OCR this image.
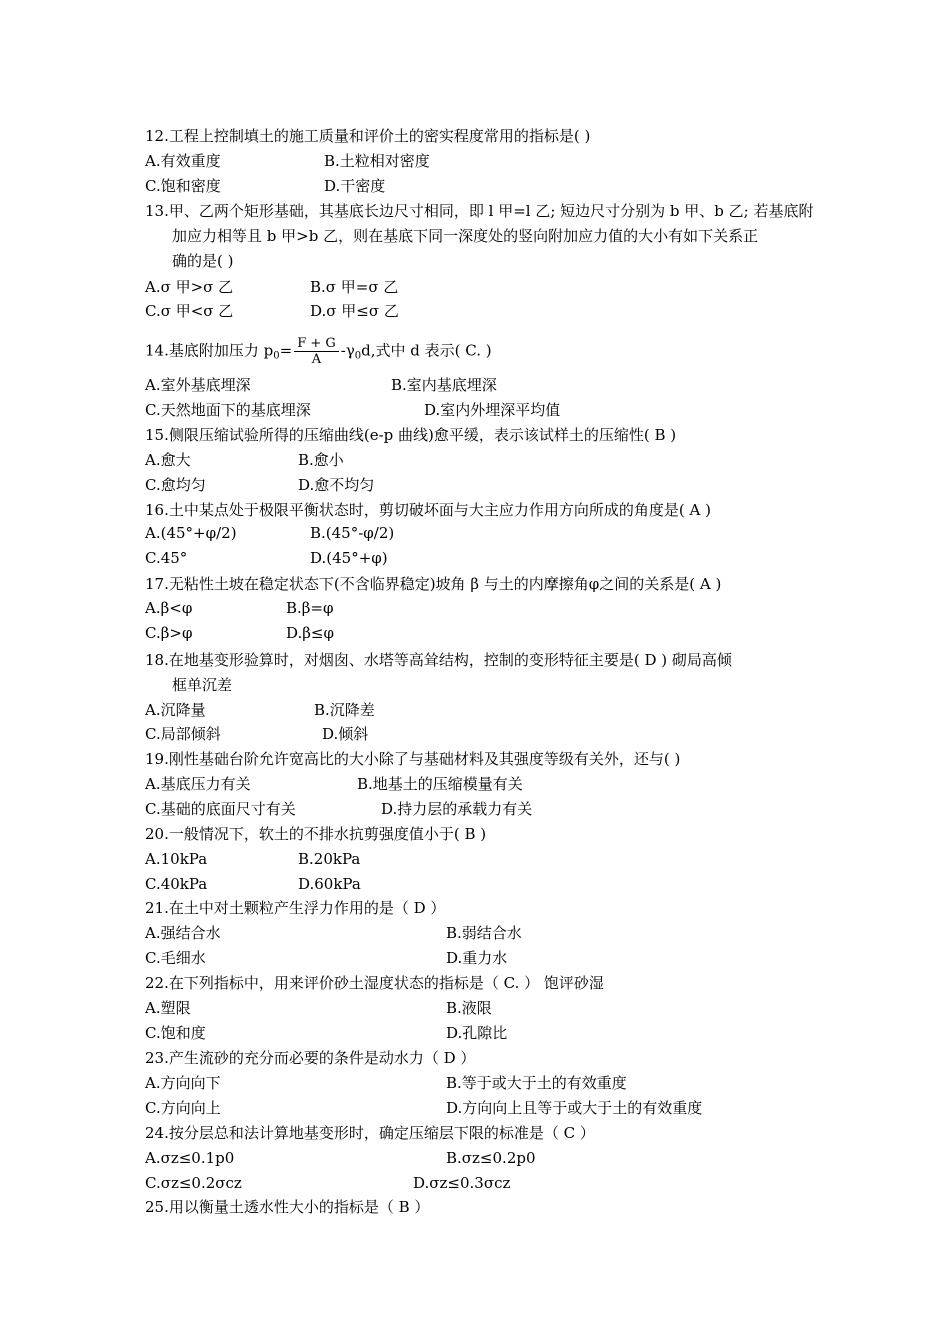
12.工程上控制填土的施工质量和评价土的密实程度常用的指标是( )
A.有效重度	B.土粒相对密度
C.饱和密度	D.干密度
13.甲、乙两个矩形基础，其基底长边尺寸相同，即 l 甲=l 乙; 短边尺寸分别为 b 甲、b 乙; 若基底附
加应力相等且 b 甲>b 乙，则在基底下同一深度处的竖向附加应力值的大小有如下关系正
确的是( )
A.σ 甲>σ 乙	B.σ 甲=σ 乙
C.σ 甲<σ 乙	D.σ 甲≤σ 乙
14.基底附加压力 $p_0= \frac{F + G}{A} -\gamma_0d$,式中 d 表示( C. )
A.室外基底埋深	B.室内基底埋深
C.天然地面下的基底埋深	D.室内外埋深平均值
15.侧限压缩试验所得的压缩曲线(e-p 曲线)愈平缓，表示该试样土的压缩性( B )
A.愈大	B.愈小
C.愈均匀	D.愈不均匀
16.土中某点处于极限平衡状态时，剪切破坏面与大主应力作用方向所成的角度是( A )
A.(45°+φ/2)	B.(45°-φ/2)
C.45°	D.(45°+φ)
17.无粘性土坡在稳定状态下(不含临界稳定)坡角 β 与土的内摩擦角φ之间的关系是( A )
A.β<φ	B.β=φ
C.β>φ	D.β≤φ
18.在地基变形验算时，对烟囱、水塔等高耸结构，控制的变形特征主要是( D ) 砌局高倾
框单沉差
A.沉降量	B.沉降差
C.局部倾斜	D.倾斜
19.刚性基础台阶允许宽高比的大小除了与基础材料及其强度等级有关外，还与( )
A.基底压力有关	B.地基土的压缩模量有关
C.基础的底面尺寸有关	D.持力层的承载力有关
20.一般情况下，软土的不排水抗剪强度值小于( B )
A.10kPa	B.20kPa
C.40kPa	D.60kPa
21.在土中对土颗粒产生浮力作用的是（ D ）
A.强结合水	B.弱结合水
C.毛细水	D.重力水
22.在下列指标中，用来评价砂土湿度状态的指标是（ C. ） 饱评砂湿
A.塑限	B.液限
C.饱和度	D.孔隙比
23.产生流砂的充分而必要的条件是动水力（ D ）
A.方向向下	B.等于或大于土的有效重度
C.方向向上	D.方向向上且等于或大于土的有效重度
24.按分层总和法计算地基变形时，确定压缩层下限的标准是（ C ）
A.σz≤0.1p0	B.σz≤0.2p0
C.σz≤0.2σcz	D.σz≤0.3σcz
25.用以衡量土透水性大小的指标是（ B ）
